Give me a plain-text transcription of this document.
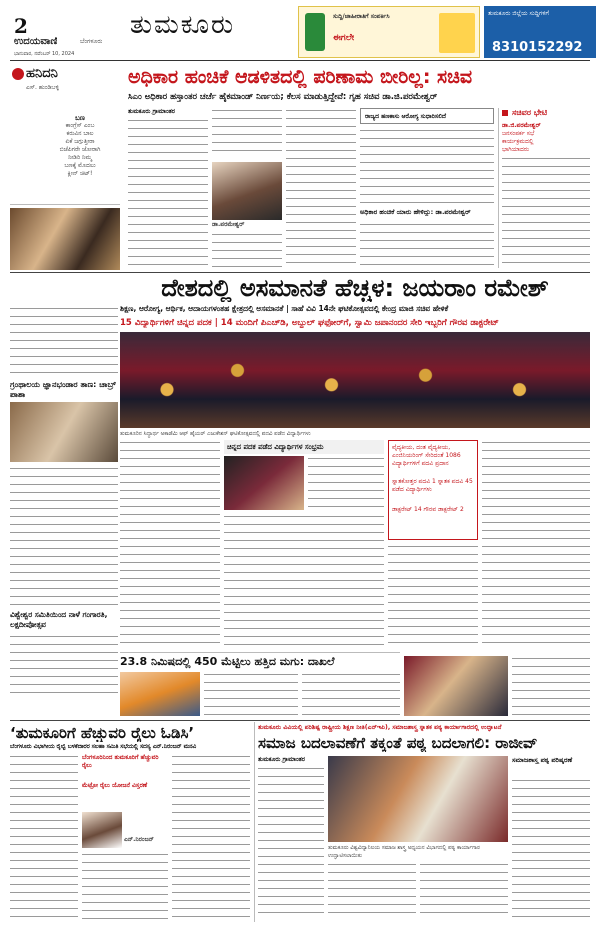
2
ಉದಯವಾಣಿ	ಬೆಂಗಳೂರು
ಭಾನುವಾರ, ನವೆಂಬರ್ 10, 2024
ತುಮಕೂರು	ಸುದ್ದಿ/ಜಾಹೀರಾತಿಗೆ ಸಂಪರ್ಕಿಸಿ
ಈಗಲೇ
ತುಮಕೂರು ಜಿಲ್ಲೆಯ ಸುದ್ದಿಗಳಿಗೆ
8310152292
ಹನಿದನಿ
ಎಸ್. ಹುಂಡಿಬಳ್ಳಿ
ಬಣ
ಕಾಂಗ್ರೆಸ್ ಎಂಬ
ಕರುವಿನ ಬಾಲ
ಏಕೆ ಜಗ್ಗುತ್ತೀರಾ
ಬಿಜೆಪಿಗರೇ ಜೋರಾಗಿ
ನೀಡಿರಿ ನಿಮ್ಮ
ಬಣಕ್ಕೆ ಮೊದಲು
ಕ್ಲೀನ್ ಚಿಟ್!
ಅಧಿಕಾರ ಹಂಚಿಕೆ ಆಡಳಿತದಲ್ಲಿ ಪರಿಣಾಮ ಬೀರಿಲ್ಲ: ಸಚಿವ
ಸಿಎಂ ಅಧಿಕಾರ ಹಸ್ತಾಂತರ ಚರ್ಚೆ ಹೈಕಮಾಂಡ್ ನಿರ್ಣಯ; ಕೆಲಸ ಮಾಡುತ್ತಿದ್ದೇವೆ: ಗೃಹ ಸಚಿವ ಡಾ.ಜಿ.ಪರಮೇಶ್ವರ್
ತುಮಕೂರು ಗ್ರಾಮಾಂತರ
ಡಾ.ಪರಮೇಶ್ವರ್
ರಾಜ್ಯದ ಹಣಕಾಸು ಆರೋಗ್ಯ ಸುಧಾರಿಸಲಿದೆ
ಅಧಿಕಾರ ಹಂಚಿಕೆ ಯಾರು ಹೇಳಿದ್ದು: ಡಾ.ಪರಮೇಶ್ವರ್
ಸಚಿವರ ಭೇಟಿ
ಡಾ.ಜಿ.ಪರಮೇಶ್ವರ್
ಜನಸಂಪರ್ಕ ಸಭೆ
ಕಾರ್ಯಕ್ರಮದಲ್ಲಿ
ಭಾಗಿಯಾದರು
ದೇಶದಲ್ಲಿ ಅಸಮಾನತೆ ಹೆಚ್ಚಳ: ಜಯರಾಂ ರಮೇಶ್
ಶಿಕ್ಷಣ, ಆರೋಗ್ಯ, ಆರ್ಥಿಕ, ಆದಾಯಗಳಂತಹ ಕ್ಷೇತ್ರದಲ್ಲಿ ಅಸಮಾನತೆ | ಸಾಹೆ ವಿವಿ 14ನೇ ಘಟಿಕೋತ್ಸವದಲ್ಲಿ ಕೇಂದ್ರ ಮಾಜಿ ಸಚಿವ ಹೇಳಿಕೆ
15 ವಿದ್ಯಾರ್ಥಿಗಳಿಗೆ ಚಿನ್ನದ ಪದಕ | 14 ಮಂದಿಗೆ ಪಿಎಚ್‌ಡಿ, ಅಬ್ದುಲ್ ಘಫೋರ್‌ಗೆ, ಸ್ವಾಮಿ ಜಪಾನಂದರ ಸೇರಿ ಇಬ್ಬರಿಗೆ ಗೌರವ ಡಾಕ್ಟರೇಟ್
ಗ್ರಂಥಾಲಯ ಜ್ಞಾನಭಂಡಾರ ತಾಣ: ಚಾಬ್ರ್ ಪಾಶಾ
ವಿಶ್ವೇಶ್ವರ ಸಮಿತಿಯಿಂದ ನಾಳೆ ಗಂಗಾರತಿ, ಲಕ್ಷದೀಪೋತ್ಸವ
ತುಮಕೂರಿನ ಸಿದ್ಧಾರ್ಥ ಅಕಾಡೆಮಿ ಆಫ್ ಹೈಯರ್ ಎಜುಕೇಶನ್ ಘಟಿಕೋತ್ಸವದಲ್ಲಿ ಪದವಿ ಪಡೆದ ವಿದ್ಯಾರ್ಥಿಗಳು
ಚಿನ್ನದ ಪದಕ ಪಡೆದ ವಿದ್ಯಾರ್ಥಿಗಳ ಸಂಭ್ರಮ	ವೈದ್ಯಕೀಯ, ದಂತ ವೈದ್ಯಕೀಯ, ಎಂಜಿನಿಯರಿಂಗ್ ಸೇರಿದಂತೆ 1086 ವಿದ್ಯಾರ್ಥಿಗಳಿಗೆ ಪದವಿ ಪ್ರದಾನ
ಸ್ನಾತಕೋತ್ತರ ಪದವಿ 1 ಸ್ನಾತಕ ಪದವಿ 45 ಪಡೆದ ವಿದ್ಯಾರ್ಥಿಗಳು
ಡಾಕ್ಟರೇಟ್ 14 ಗೌರವ ಡಾಕ್ಟರೇಟ್ 2
23.8 ನಿಮಿಷದಲ್ಲಿ 450 ಮೆಟ್ಟಿಲು ಹತ್ತಿದ ಮಗು: ದಾಖಲೆ
‘ತುಮಕೂರಿಗೆ ಹೆಚ್ಚುವರಿ ರೈಲು ಓಡಿಸಿ’
ಬೆಂಗಳೂರು ವಿಭಾಗೀಯ ರೈಲ್ವೆ ಬಳಕೆದಾರರ ಸಲಹಾ ಸಮಿತಿ ಸಭೆಯಲ್ಲಿ ಸದಸ್ಯ ಎನ್.ನಿರಂಜನ್ ಮನವಿ
ಬೆಂಗಳೂರಿನಿಂದ ತುಮಕೂರಿಗೆ ಹೆಚ್ಚುವರಿ ರೈಲು
ಮೆಟ್ರೋ ರೈಲು ಯೋಜನೆ ವಿಸ್ತರಣೆ
ಎನ್.ನಿರಂಜನ್
ತುಮಕೂರು ವಿವಿಯಲ್ಲಿ ಪರಿಶಿಷ್ಟ ರಾಷ್ಟ್ರೀಯ ಶಿಕ್ಷಣ ನೀತಿ(ಎನ್‌ಇಪಿ), ಸಮಾಜಶಾಸ್ತ್ರ ಸ್ನಾತಕ ಪಠ್ಯ ಕಾರ್ಯಾಗಾರದಲ್ಲಿ ಉದ್ಘಾಟನೆ
ಸಮಾಜ ಬದಲಾವಣೆಗೆ ತಕ್ಕಂತೆ ಪಠ್ಯ ಬದಲಾಗಲಿ: ರಾಜೀವ್
ತುಮಕೂರು ಗ್ರಾಮಾಂತರ
ತುಮಕೂರು ವಿಶ್ವವಿದ್ಯಾನಿಲಯ ಸಮಾಜ ಶಾಸ್ತ್ರ ಅಧ್ಯಯನ ವಿಭಾಗದಲ್ಲಿ ಪಠ್ಯ ಕಾರ್ಯಾಗಾರ ಉದ್ಘಾಟಿಸಲಾಯಿತು
ಸಮಾಜಶಾಸ್ತ್ರ ಪಠ್ಯ ಪರಿಷ್ಕರಣೆ
